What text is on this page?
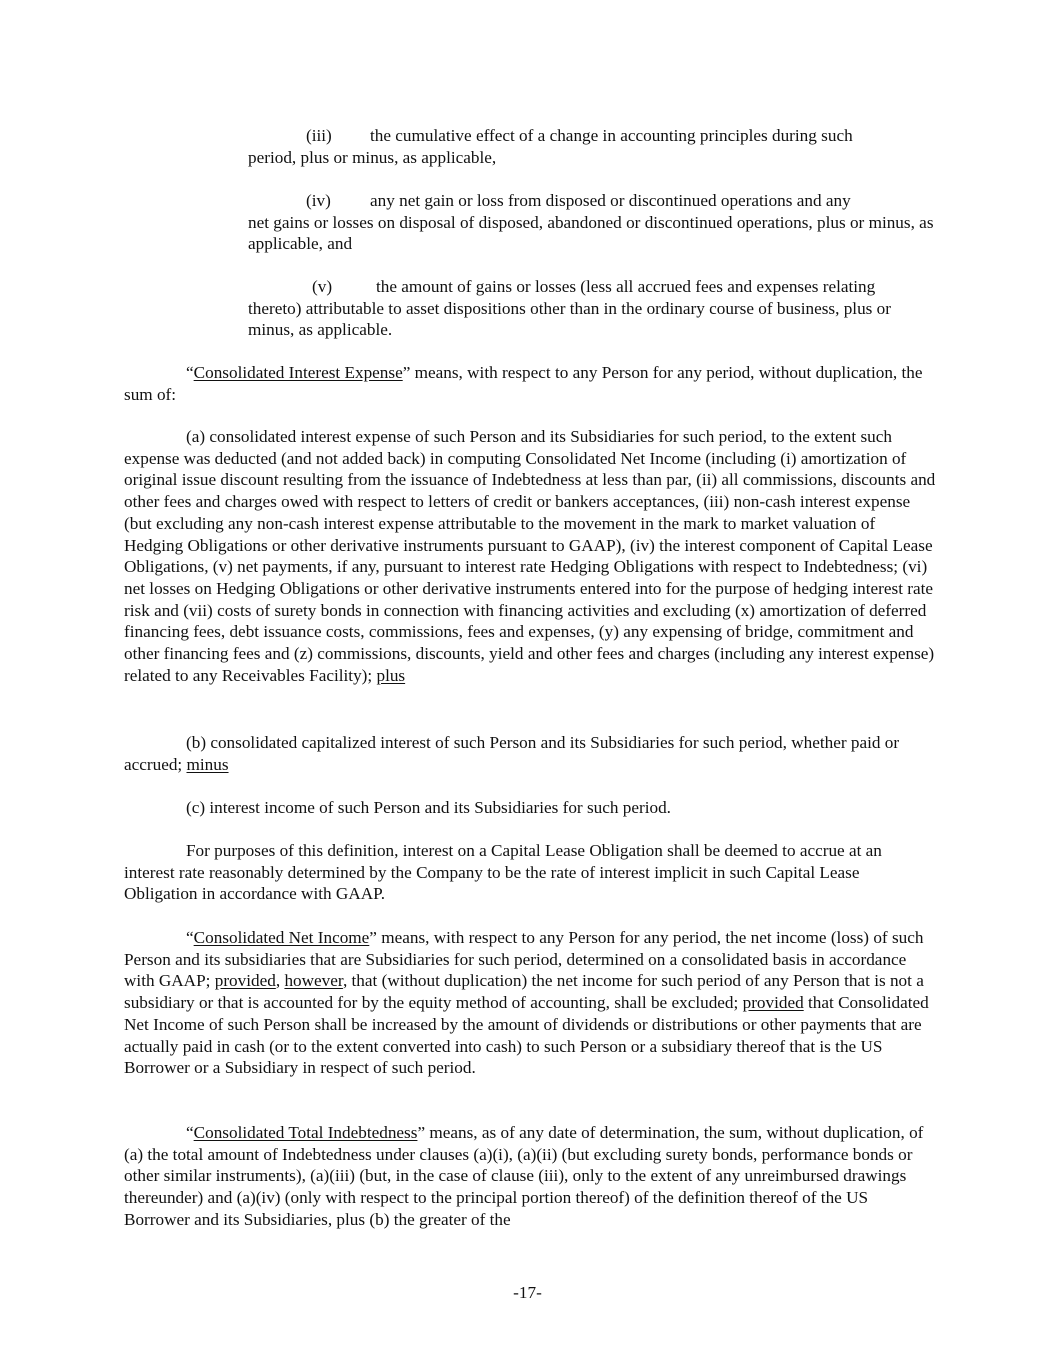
(iii) the cumulative effect of a change in accounting principles during such

period, plus or minus, as applicable,

(iv) any net gain or loss from disposed or discontinued operations and any

net gains or losses on disposal of disposed, abandoned or discontinued operations, plus or minus, as applicable, and

(v)	the amount of gains or losses (less all accrued fees and expenses relating

thereto) attributable to asset dispositions other than in the ordinary course of business, plus or minus, as applicable.

“Consolidated Interest Expense” means, with respect to any Person for any period, without duplication, the sum of:

(a) consolidated interest expense of such Person and its Subsidiaries for such period, to the extent such expense was deducted (and not added back) in computing Consolidated Net Income (including (i) amortization of original issue discount resulting from the issuance of Indebtedness at less than par, (ii) all commissions, discounts and other fees and charges owed with respect to letters of credit or bankers acceptances, (iii) non-cash interest expense (but excluding any non-cash interest expense attributable to the movement in the mark to market valuation of Hedging Obligations or other derivative instruments pursuant to GAAP), (iv) the interest component of Capital Lease Obligations, (v) net payments, if any, pursuant to interest rate Hedging Obligations with respect to Indebtedness; (vi) net losses on Hedging Obligations or other derivative instruments entered into for the purpose of hedging interest rate risk and (vii) costs of surety bonds in connection with financing activities and excluding (x) amortization of deferred financing fees, debt issuance costs, commissions, fees and expenses, (y) any expensing of bridge, commitment and other financing fees and (z) commissions, discounts, yield and other fees and charges (including any interest expense) related to any Receivables Facility); plus

(b) consolidated capitalized interest of such Person and its Subsidiaries for such period, whether paid or accrued; minus

(c) interest income of such Person and its Subsidiaries for such period.

For purposes of this definition, interest on a Capital Lease Obligation shall be deemed to accrue at an interest rate reasonably determined by the Company to be the rate of interest implicit in such Capital Lease Obligation in accordance with GAAP.

“Consolidated Net Income” means, with respect to any Person for any period, the net income (loss) of such Person and its subsidiaries that are Subsidiaries for such period, determined on a consolidated basis in accordance with GAAP; provided, however, that (without duplication) the net income for such period of any Person that is not a subsidiary or that is accounted for by the equity method of accounting, shall be excluded; provided that Consolidated Net Income of such Person shall be increased by the amount of dividends or distributions or other payments that are actually paid in cash (or to the extent converted into cash) to such Person or a subsidiary thereof that is the US Borrower or a Subsidiary in respect of such period.

“Consolidated Total Indebtedness” means, as of any date of determination, the sum, without duplication, of (a) the total amount of Indebtedness under clauses (a)(i), (a)(ii) (but excluding surety bonds, performance bonds or other similar instruments), (a)(iii) (but, in the case of clause (iii), only to the extent of any unreimbursed drawings thereunder) and (a)(iv) (only with respect to the principal portion thereof) of the definition thereof of the US Borrower and its Subsidiaries, plus (b) the greater of the

-17-
